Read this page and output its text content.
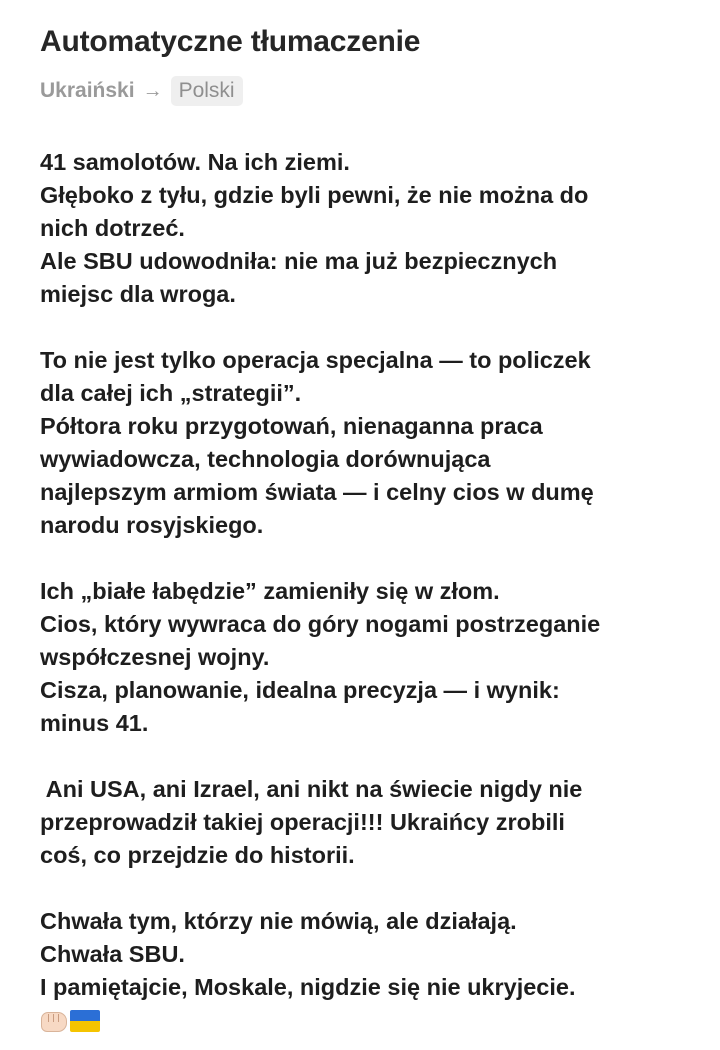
Automatyczne tłumaczenie
Ukraiński → Polski
41 samolotów. Na ich ziemi.
Głęboko z tyłu, gdzie byli pewni, że nie można do
nich dotrzeć.
Ale SBU udowodniła: nie ma już bezpiecznych
miejsc dla wroga.
To nie jest tylko operacja specjalna — to policzek
dla całej ich „strategii”.
Półtora roku przygotowań, nienaganna praca
wywiadowcza, technologia dorównująca
najlepszym armiom świata — i celny cios w dumę
narodu rosyjskiego.
Ich „białe łabędzie” zamieniły się w złom.
Cios, który wywraca do góry nogami postrzeganie
współczesnej wojny.
Cisza, planowanie, idealna precyzja — i wynik:
minus 41.
Ani USA, ani Izrael, ani nikt na świecie nigdy nie
przeprowadził takiej operacji!!! Ukraińcy zrobili
coś, co przejdzie do historii.
Chwała tym, którzy nie mówią, ale działają.
Chwała SBU.
I pamiętajcie, Moskale, nigdzie się nie ukryjecie.
